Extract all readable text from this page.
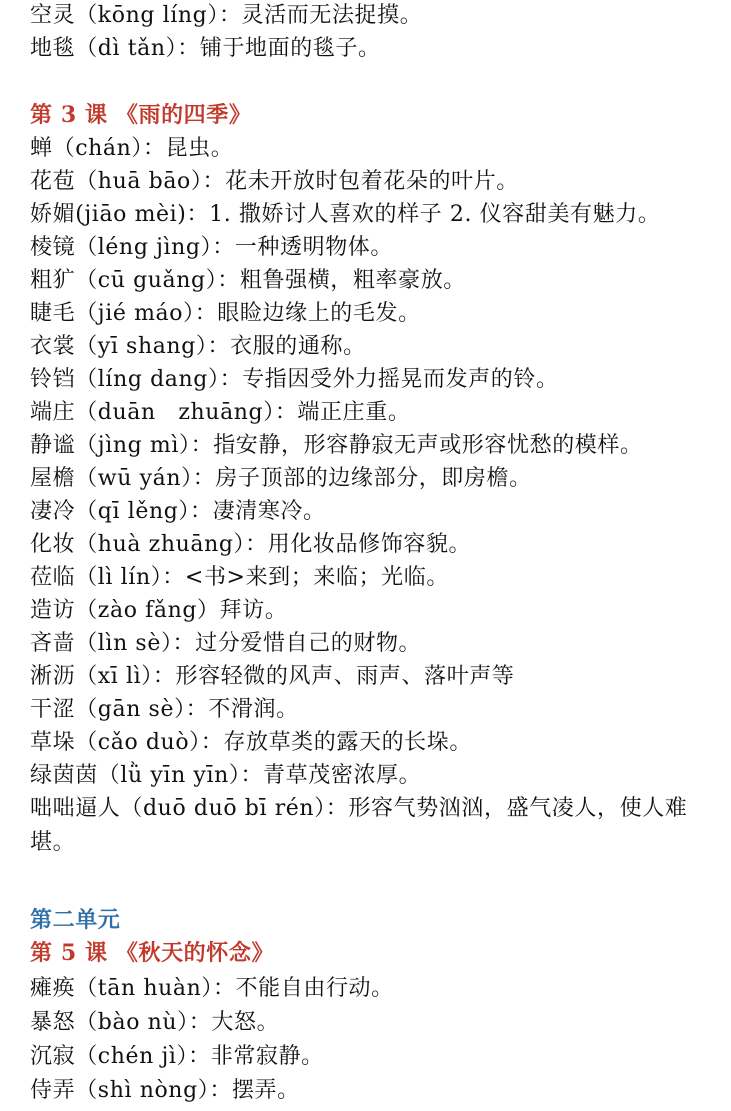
空灵（kōng líng）：灵活而无法捉摸。
地毯（dì tǎn）：铺于地面的毯子。
第 3 课 《雨的四季》
蝉（chán）：昆虫。
花苞（huā bāo）：花未开放时包着花朵的叶片。
娇媚(jiāo mèi)：1. 撒娇讨人喜欢的样子 2. 仪容甜美有魅力。
棱镜（léng jìng）：一种透明物体。
粗犷（cū guǎng）：粗鲁强横，粗率豪放。
睫毛（jié máo）：眼睑边缘上的毛发。
衣裳（yī shang）：衣服的通称。
铃铛（líng dang）：专指因受外力摇晃而发声的铃。
端庄（duān　zhuāng）：端正庄重。
静谧（jìng mì）：指安静，形容静寂无声或形容忧愁的模样。
屋檐（wū yán）：房子顶部的边缘部分，即房檐。
凄冷（qī lěng）：凄清寒冷。
化妆（huà zhuāng）：用化妆品修饰容貌。
莅临（lì lín）：<书>来到；来临；光临。
造访（zào fǎng）拜访。
吝啬（lìn sè）：过分爱惜自己的财物。
淅沥（xī lì）：形容轻微的风声、雨声、落叶声等
干涩（gān sè）：不滑润。
草垛（cǎo duò）：存放草类的露天的长垛。
绿茵茵（lǜ yīn yīn）：青草茂密浓厚。
咄咄逼人（duō duō bī rén）：形容气势汹汹，盛气凌人，使人难堪。
第二单元
第 5 课 《秋天的怀念》
瘫痪（tān huàn）：不能自由行动。
暴怒（bào nù）：大怒。
沉寂（chén jì）：非常寂静。
侍弄（shì nòng）：摆弄。
